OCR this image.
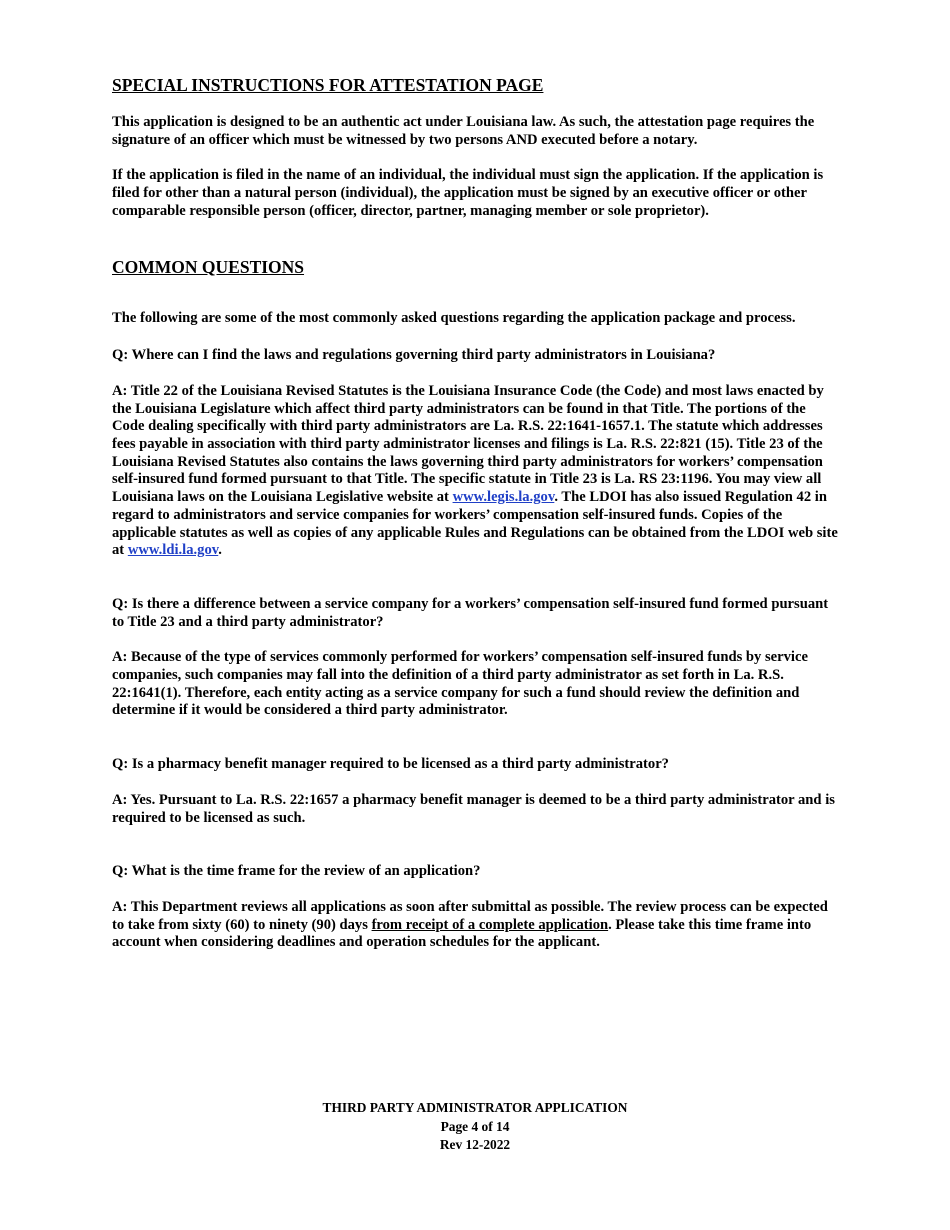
SPECIAL INSTRUCTIONS FOR ATTESTATION PAGE

This application is designed to be an authentic act under Louisiana law. As such, the attestation page requires the signature of an officer which must be witnessed by two persons AND executed before a notary.

If the application is filed in the name of an individual, the individual must sign the application. If the application is filed for other than a natural person (individual), the application must be signed by an executive officer or other comparable responsible person (officer, director, partner, managing member or sole proprietor).

COMMON QUESTIONS

The following are some of the most commonly asked questions regarding the application package and process.

Q: Where can I find the laws and regulations governing third party administrators in Louisiana?

A: Title 22 of the Louisiana Revised Statutes is the Louisiana Insurance Code (the Code) and most laws enacted by the Louisiana Legislature which affect third party administrators can be found in that Title. The portions of the Code dealing specifically with third party administrators are La. R.S. 22:1641-1657.1. The statute which addresses fees payable in association with third party administrator licenses and filings is La. R.S. 22:821 (15). Title 23 of the Louisiana Revised Statutes also contains the laws governing third party administrators for workers’ compensation self-insured fund formed pursuant to that Title. The specific statute in Title 23 is La. RS 23:1196. You may view all Louisiana laws on the Louisiana Legislative website at www.legis.la.gov. The LDOI has also issued Regulation 42 in regard to administrators and service companies for workers’ compensation self-insured funds. Copies of the applicable statutes as well as copies of any applicable Rules and Regulations can be obtained from the LDOI web site at www.ldi.la.gov.

Q: Is there a difference between a service company for a workers’ compensation self-insured fund formed pursuant to Title 23 and a third party administrator?

A: Because of the type of services commonly performed for workers’ compensation self-insured funds by service companies, such companies may fall into the definition of a third party administrator as set forth in La. R.S. 22:1641(1). Therefore, each entity acting as a service company for such a fund should review the definition and determine if it would be considered a third party administrator.

Q: Is a pharmacy benefit manager required to be licensed as a third party administrator?

A: Yes. Pursuant to La. R.S. 22:1657 a pharmacy benefit manager is deemed to be a third party administrator and is required to be licensed as such.

Q: What is the time frame for the review of an application?

A: This Department reviews all applications as soon after submittal as possible. The review process can be expected to take from sixty (60) to ninety (90) days from receipt of a complete application. Please take this time frame into account when considering deadlines and operation schedules for the applicant.

THIRD PARTY ADMINISTRATOR APPLICATION
Page 4 of 14
Rev 12-2022
